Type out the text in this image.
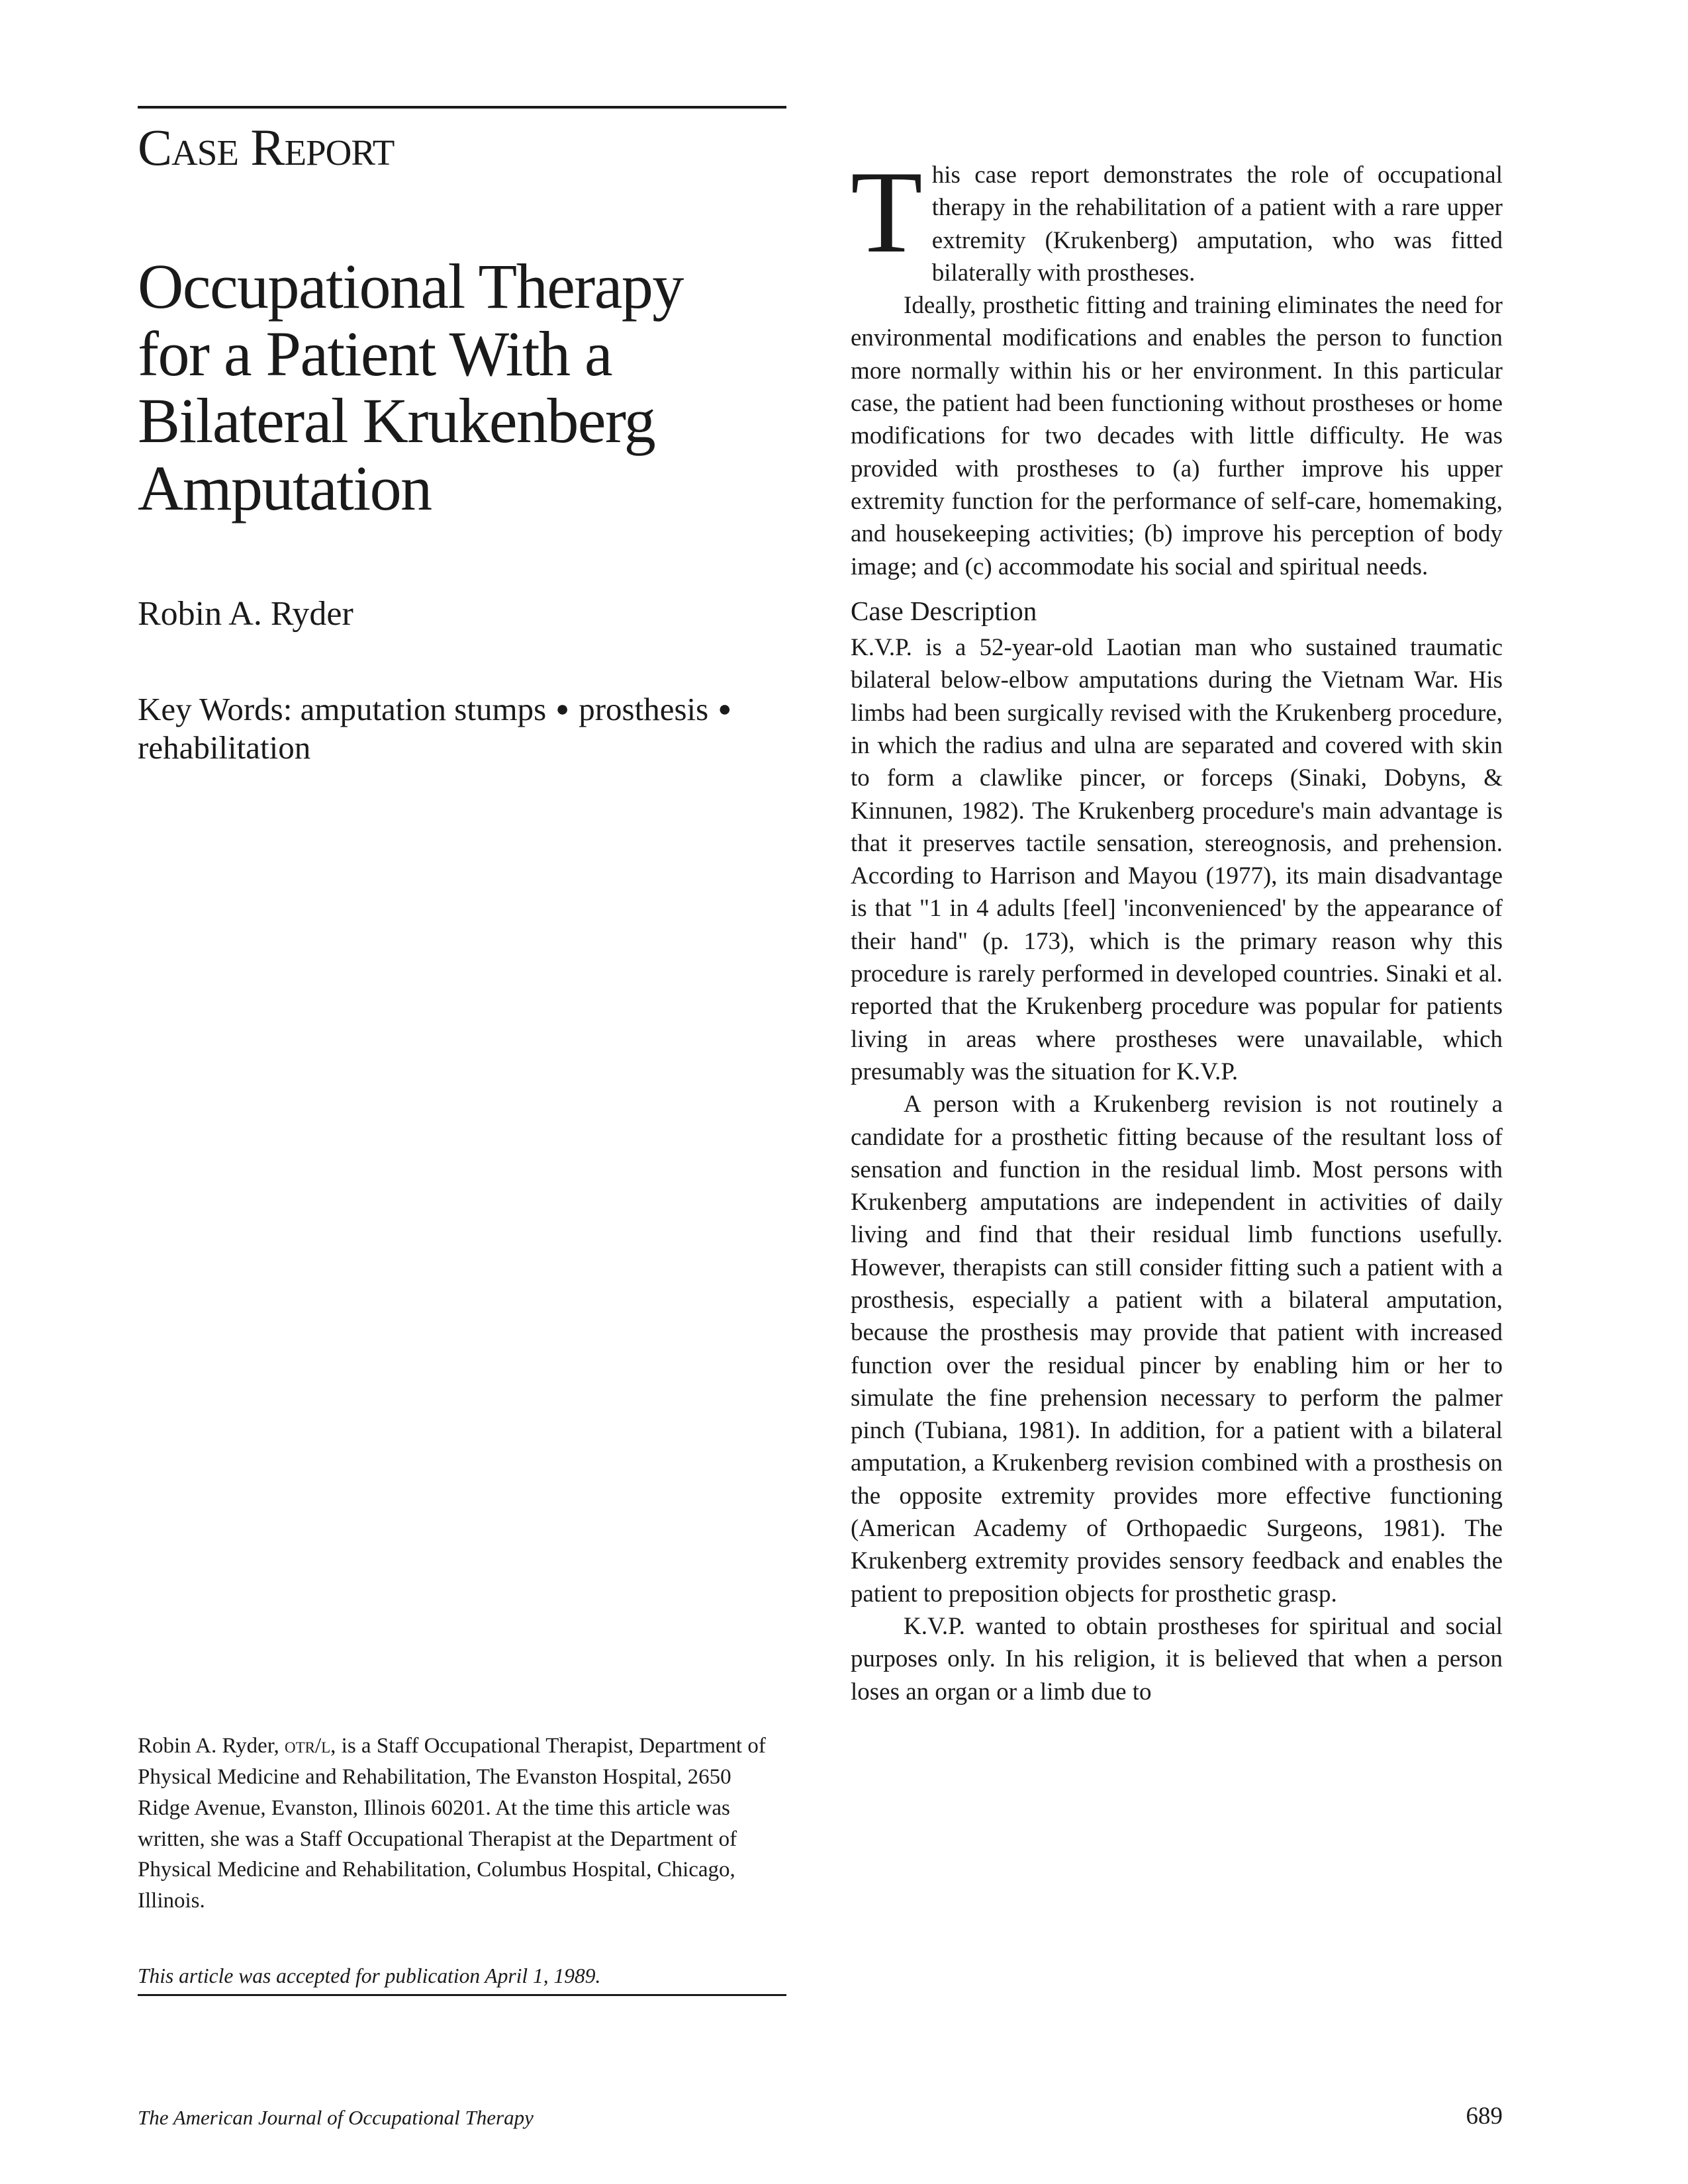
Case Report
Occupational Therapy for a Patient With a Bilateral Krukenberg Amputation
Robin A. Ryder
Key Words: amputation stumps ● prosthesis ● rehabilitation
Robin A. Ryder, otr/l, is a Staff Occupational Therapist, Department of Physical Medicine and Rehabilitation, The Evanston Hospital, 2650 Ridge Avenue, Evanston, Illinois 60201. At the time this article was written, she was a Staff Occupational Therapist at the Department of Physical Medicine and Rehabilitation, Columbus Hospital, Chicago, Illinois.
This article was accepted for publication April 1, 1989.

This case report demonstrates the role of occupational therapy in the rehabilitation of a patient with a rare upper extremity (Krukenberg) amputation, who was fitted bilaterally with prostheses.

Ideally, prosthetic fitting and training eliminates the need for environmental modifications and enables the person to function more normally within his or her environment. In this particular case, the patient had been functioning without prostheses or home modifications for two decades with little difficulty. He was provided with prostheses to (a) further improve his upper extremity function for the performance of self-care, homemaking, and housekeeping activities; (b) improve his perception of body image; and (c) accommodate his social and spiritual needs.

Case Description

K.V.P. is a 52-year-old Laotian man who sustained traumatic bilateral below-elbow amputations during the Vietnam War. His limbs had been surgically revised with the Krukenberg procedure, in which the radius and ulna are separated and covered with skin to form a clawlike pincer, or forceps (Sinaki, Dobyns, & Kinnunen, 1982). The Krukenberg procedure's main advantage is that it preserves tactile sensation, stereognosis, and prehension. According to Harrison and Mayou (1977), its main disadvantage is that "1 in 4 adults [feel] 'inconvenienced' by the appearance of their hand" (p. 173), which is the primary reason why this procedure is rarely performed in developed countries. Sinaki et al. reported that the Krukenberg procedure was popular for patients living in areas where prostheses were unavailable, which presumably was the situation for K.V.P.

A person with a Krukenberg revision is not routinely a candidate for a prosthetic fitting because of the resultant loss of sensation and function in the residual limb. Most persons with Krukenberg amputations are independent in activities of daily living and find that their residual limb functions usefully. However, therapists can still consider fitting such a patient with a prosthesis, especially a patient with a bilateral amputation, because the prosthesis may provide that patient with increased function over the residual pincer by enabling him or her to simulate the fine prehension necessary to perform the palmer pinch (Tubiana, 1981). In addition, for a patient with a bilateral amputation, a Krukenberg revision combined with a prosthesis on the opposite extremity provides more effective functioning (American Academy of Orthopaedic Surgeons, 1981). The Krukenberg extremity provides sensory feedback and enables the patient to preposition objects for prosthetic grasp.

K.V.P. wanted to obtain prostheses for spiritual and social purposes only. In his religion, it is believed that when a person loses an organ or a limb due to

The American Journal of Occupational Therapy	689
